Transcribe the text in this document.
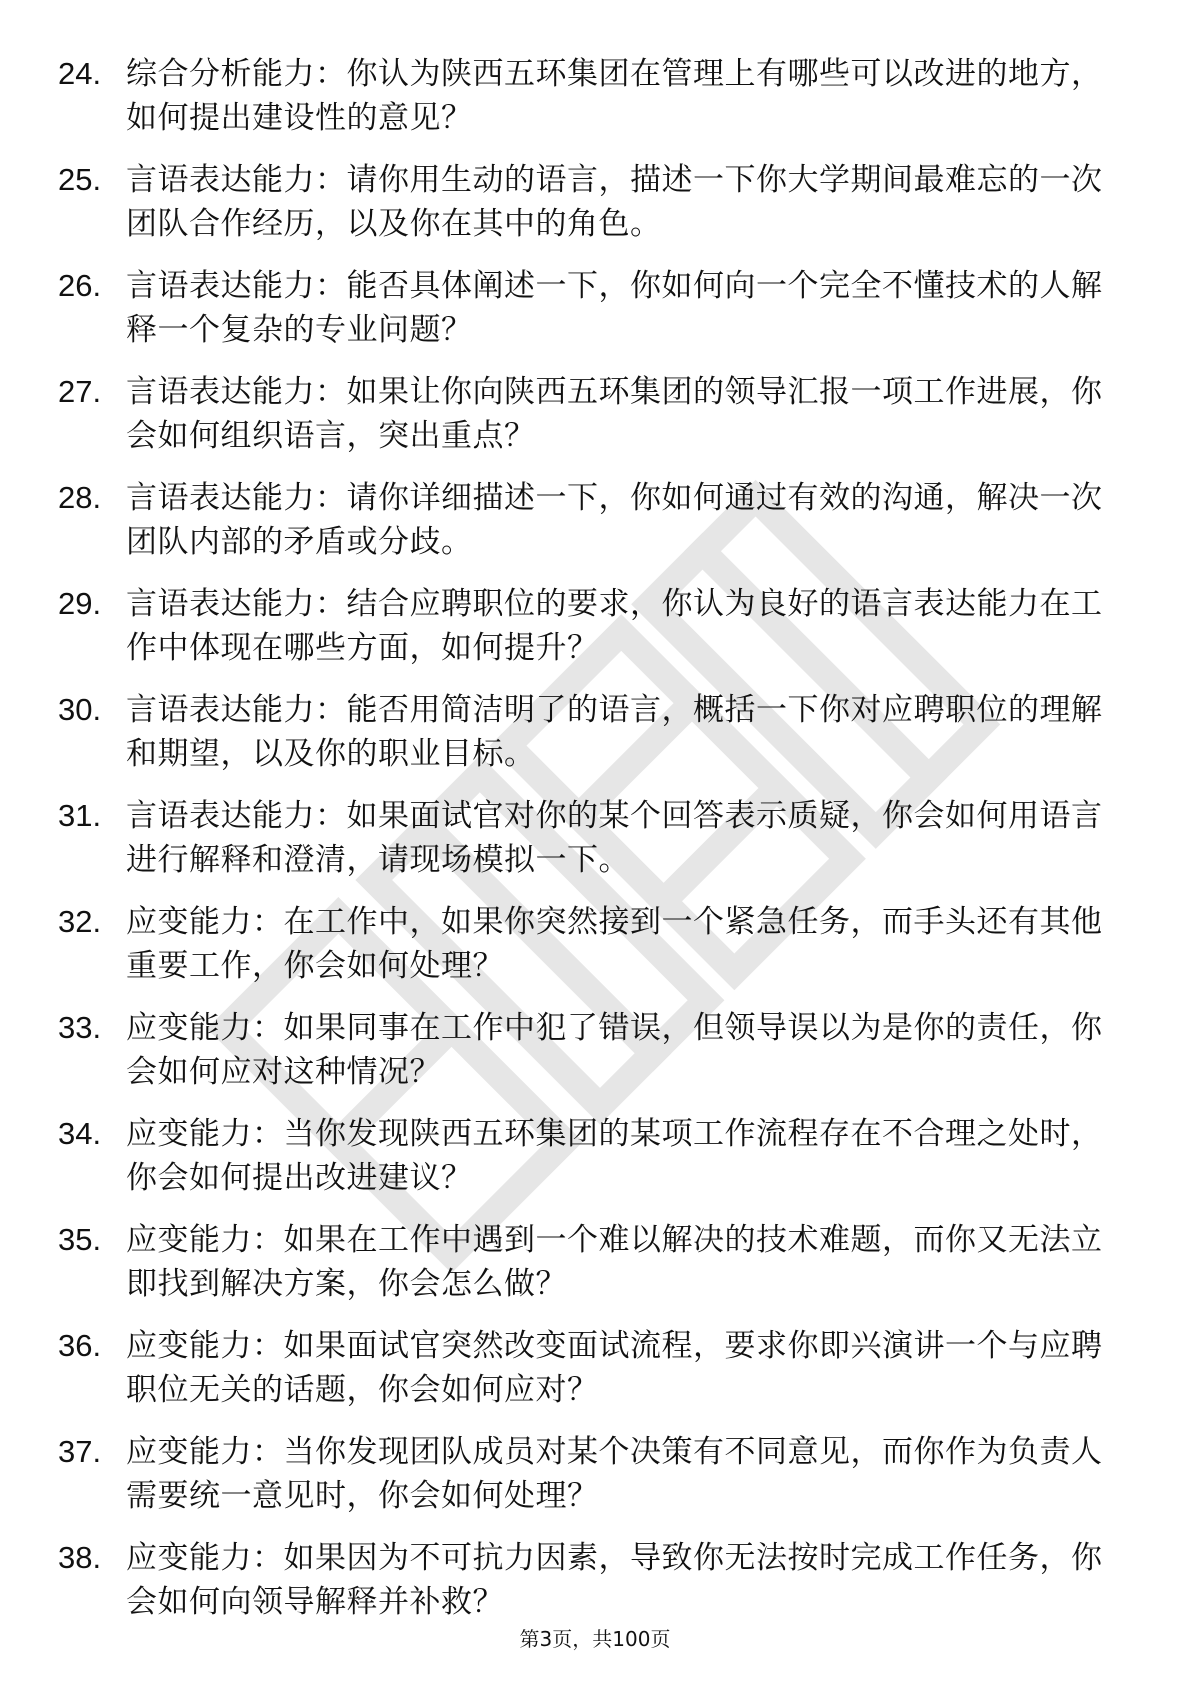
24. 综合分析能力：你认为陕西五环集团在管理上有哪些可以改进的地方，如何提出建设性的意见？
25. 言语表达能力：请你用生动的语言，描述一下你大学期间最难忘的一次团队合作经历，以及你在其中的角色。
26. 言语表达能力：能否具体阐述一下，你如何向一个完全不懂技术的人解释一个复杂的专业问题？
27. 言语表达能力：如果让你向陕西五环集团的领导汇报一项工作进展，你会如何组织语言，突出重点？
28. 言语表达能力：请你详细描述一下，你如何通过有效的沟通，解决一次团队内部的矛盾或分歧。
29. 言语表达能力：结合应聘职位的要求，你认为良好的语言表达能力在工作中体现在哪些方面，如何提升？
30. 言语表达能力：能否用简洁明了的语言，概括一下你对应聘职位的理解和期望，以及你的职业目标。
31. 言语表达能力：如果面试官对你的某个回答表示质疑，你会如何用语言进行解释和澄清，请现场模拟一下。
32. 应变能力：在工作中，如果你突然接到一个紧急任务，而手头还有其他重要工作，你会如何处理？
33. 应变能力：如果同事在工作中犯了错误，但领导误以为是你的责任，你会如何应对这种情况？
34. 应变能力：当你发现陕西五环集团的某项工作流程存在不合理之处时，你会如何提出改进建议？
35. 应变能力：如果在工作中遇到一个难以解决的技术难题，而你又无法立即找到解决方案，你会怎么做？
36. 应变能力：如果面试官突然改变面试流程，要求你即兴演讲一个与应聘职位无关的话题，你会如何应对？
37. 应变能力：当你发现团队成员对某个决策有不同意见，而你作为负责人需要统一意见时，你会如何处理？
38. 应变能力：如果因为不可抗力因素，导致你无法按时完成工作任务，你会如何向领导解释并补救？
第3页，共100页
